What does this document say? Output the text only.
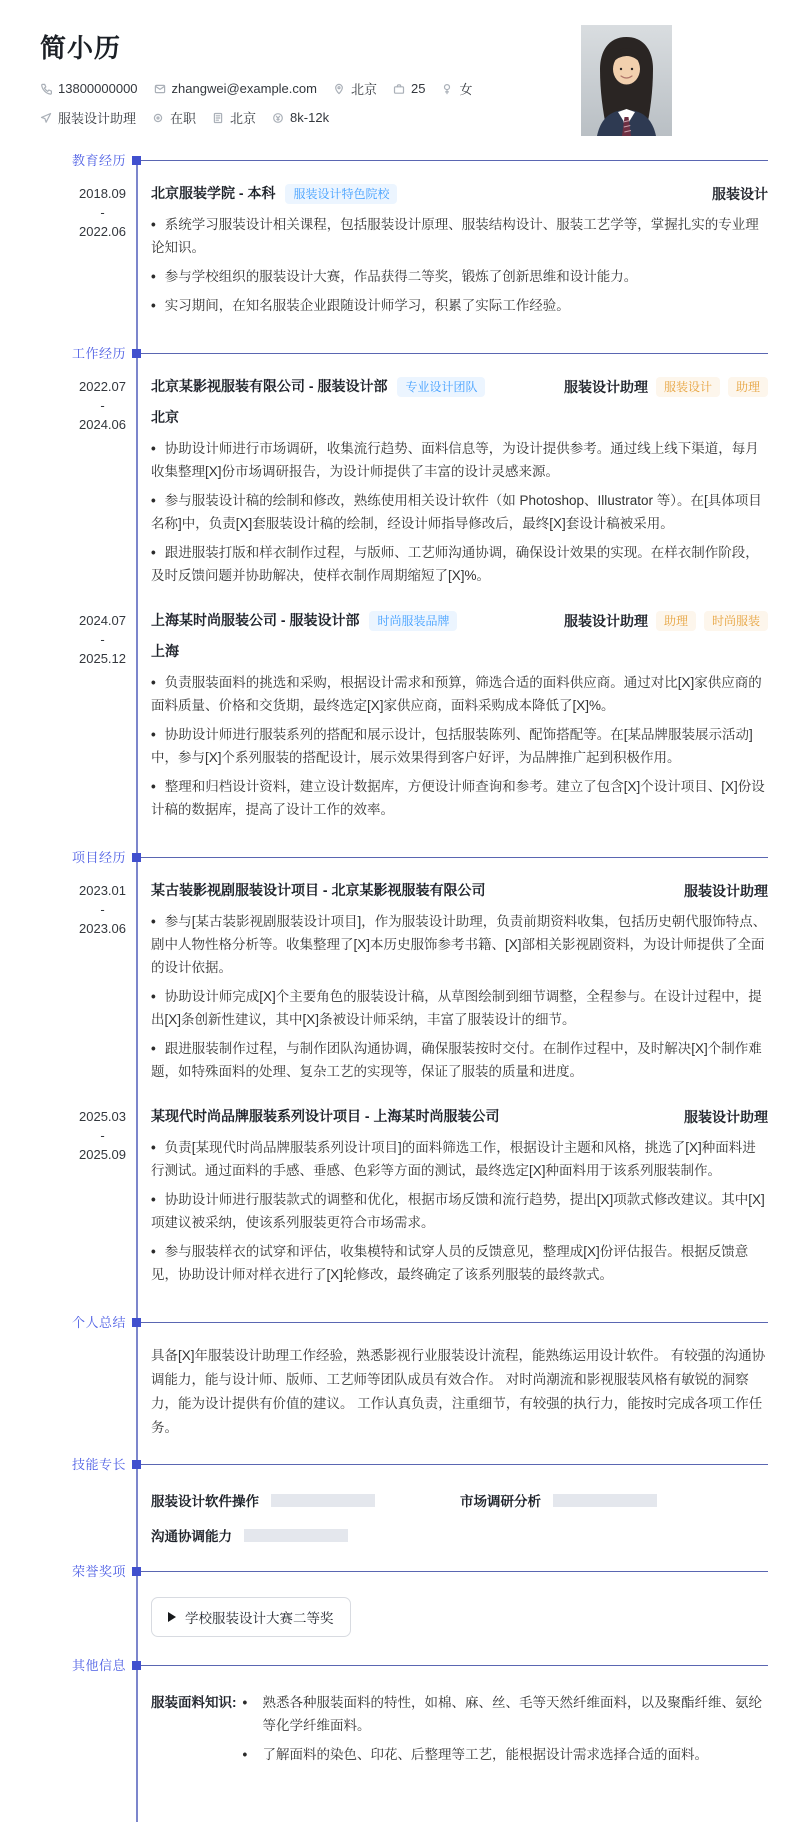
简小历
13800000000	zhangwei@example.com	北京	25	女
服装设计助理	在职	北京	8k-12k
教育经历
2018.09
-
2022.06
北京服装学院 - 本科	服装设计特色院校	服装设计
• 系统学习服装设计相关课程，包括服装设计原理、服装结构设计、服装工艺学等，掌握扎实的专业理论知识。
• 参与学校组织的服装设计大赛，作品获得二等奖，锻炼了创新思维和设计能力。
• 实习期间，在知名服装企业跟随设计师学习，积累了实际工作经验。
工作经历
2022.07
-
2024.06
北京某影视服装有限公司 - 服装设计部	专业设计团队	服装设计助理	服装设计	助理
北京
• 协助设计师进行市场调研，收集流行趋势、面料信息等，为设计提供参考。通过线上线下渠道，每月收集整理[X]份市场调研报告，为设计师提供了丰富的设计灵感来源。
• 参与服装设计稿的绘制和修改，熟练使用相关设计软件（如 Photoshop、Illustrator 等）。在[具体项目名称]中，负责[X]套服装设计稿的绘制，经设计师指导修改后，最终[X]套设计稿被采用。
• 跟进服装打版和样衣制作过程，与版师、工艺师沟通协调，确保设计效果的实现。在样衣制作阶段，及时反馈问题并协助解决，使样衣制作周期缩短了[X]%。
2024.07
-
2025.12
上海某时尚服装公司 - 服装设计部	时尚服装品牌	服装设计助理	助理	时尚服装
上海
• 负责服装面料的挑选和采购，根据设计需求和预算，筛选合适的面料供应商。通过对比[X]家供应商的面料质量、价格和交货期，最终选定[X]家供应商，面料采购成本降低了[X]%。
• 协助设计师进行服装系列的搭配和展示设计，包括服装陈列、配饰搭配等。在[某品牌服装展示活动]中，参与[X]个系列服装的搭配设计，展示效果得到客户好评，为品牌推广起到积极作用。
• 整理和归档设计资料，建立设计数据库，方便设计师查询和参考。建立了包含[X]个设计项目、[X]份设计稿的数据库，提高了设计工作的效率。
项目经历
2023.01
-
2023.06
某古装影视剧服装设计项目 - 北京某影视服装有限公司	服装设计助理
• 参与[某古装影视剧服装设计项目]，作为服装设计助理，负责前期资料收集，包括历史朝代服饰特点、剧中人物性格分析等。收集整理了[X]本历史服饰参考书籍、[X]部相关影视剧资料，为设计师提供了全面的设计依据。
• 协助设计师完成[X]个主要角色的服装设计稿，从草图绘制到细节调整，全程参与。在设计过程中，提出[X]条创新性建议，其中[X]条被设计师采纳，丰富了服装设计的细节。
• 跟进服装制作过程，与制作团队沟通协调，确保服装按时交付。在制作过程中，及时解决[X]个制作难题，如特殊面料的处理、复杂工艺的实现等，保证了服装的质量和进度。
2025.03
-
2025.09
某现代时尚品牌服装系列设计项目 - 上海某时尚服装公司	服装设计助理
• 负责[某现代时尚品牌服装系列设计项目]的面料筛选工作，根据设计主题和风格，挑选了[X]种面料进行测试。通过面料的手感、垂感、色彩等方面的测试，最终选定[X]种面料用于该系列服装制作。
• 协助设计师进行服装款式的调整和优化，根据市场反馈和流行趋势，提出[X]项款式修改建议。其中[X]项建议被采纳，使该系列服装更符合市场需求。
• 参与服装样衣的试穿和评估，收集模特和试穿人员的反馈意见，整理成[X]份评估报告。根据反馈意见，协助设计师对样衣进行了[X]轮修改，最终确定了该系列服装的最终款式。
个人总结
具备[X]年服装设计助理工作经验，熟悉影视行业服装设计流程，能熟练运用设计软件。 有较强的沟通协调能力，能与设计师、版师、工艺师等团队成员有效合作。 对时尚潮流和影视服装风格有敏锐的洞察力，能为设计提供有价值的建议。 工作认真负责，注重细节，有较强的执行力，能按时完成各项工作任务。
技能专长
服装设计软件操作	市场调研分析
沟通协调能力
荣誉奖项
学校服装设计大赛二等奖
其他信息
服装面料知识: •	熟悉各种服装面料的特性，如棉、麻、丝、毛等天然纤维面料，以及聚酯纤维、氨纶等化学纤维面料。
•	了解面料的染色、印花、后整理等工艺，能根据设计需求选择合适的面料。
